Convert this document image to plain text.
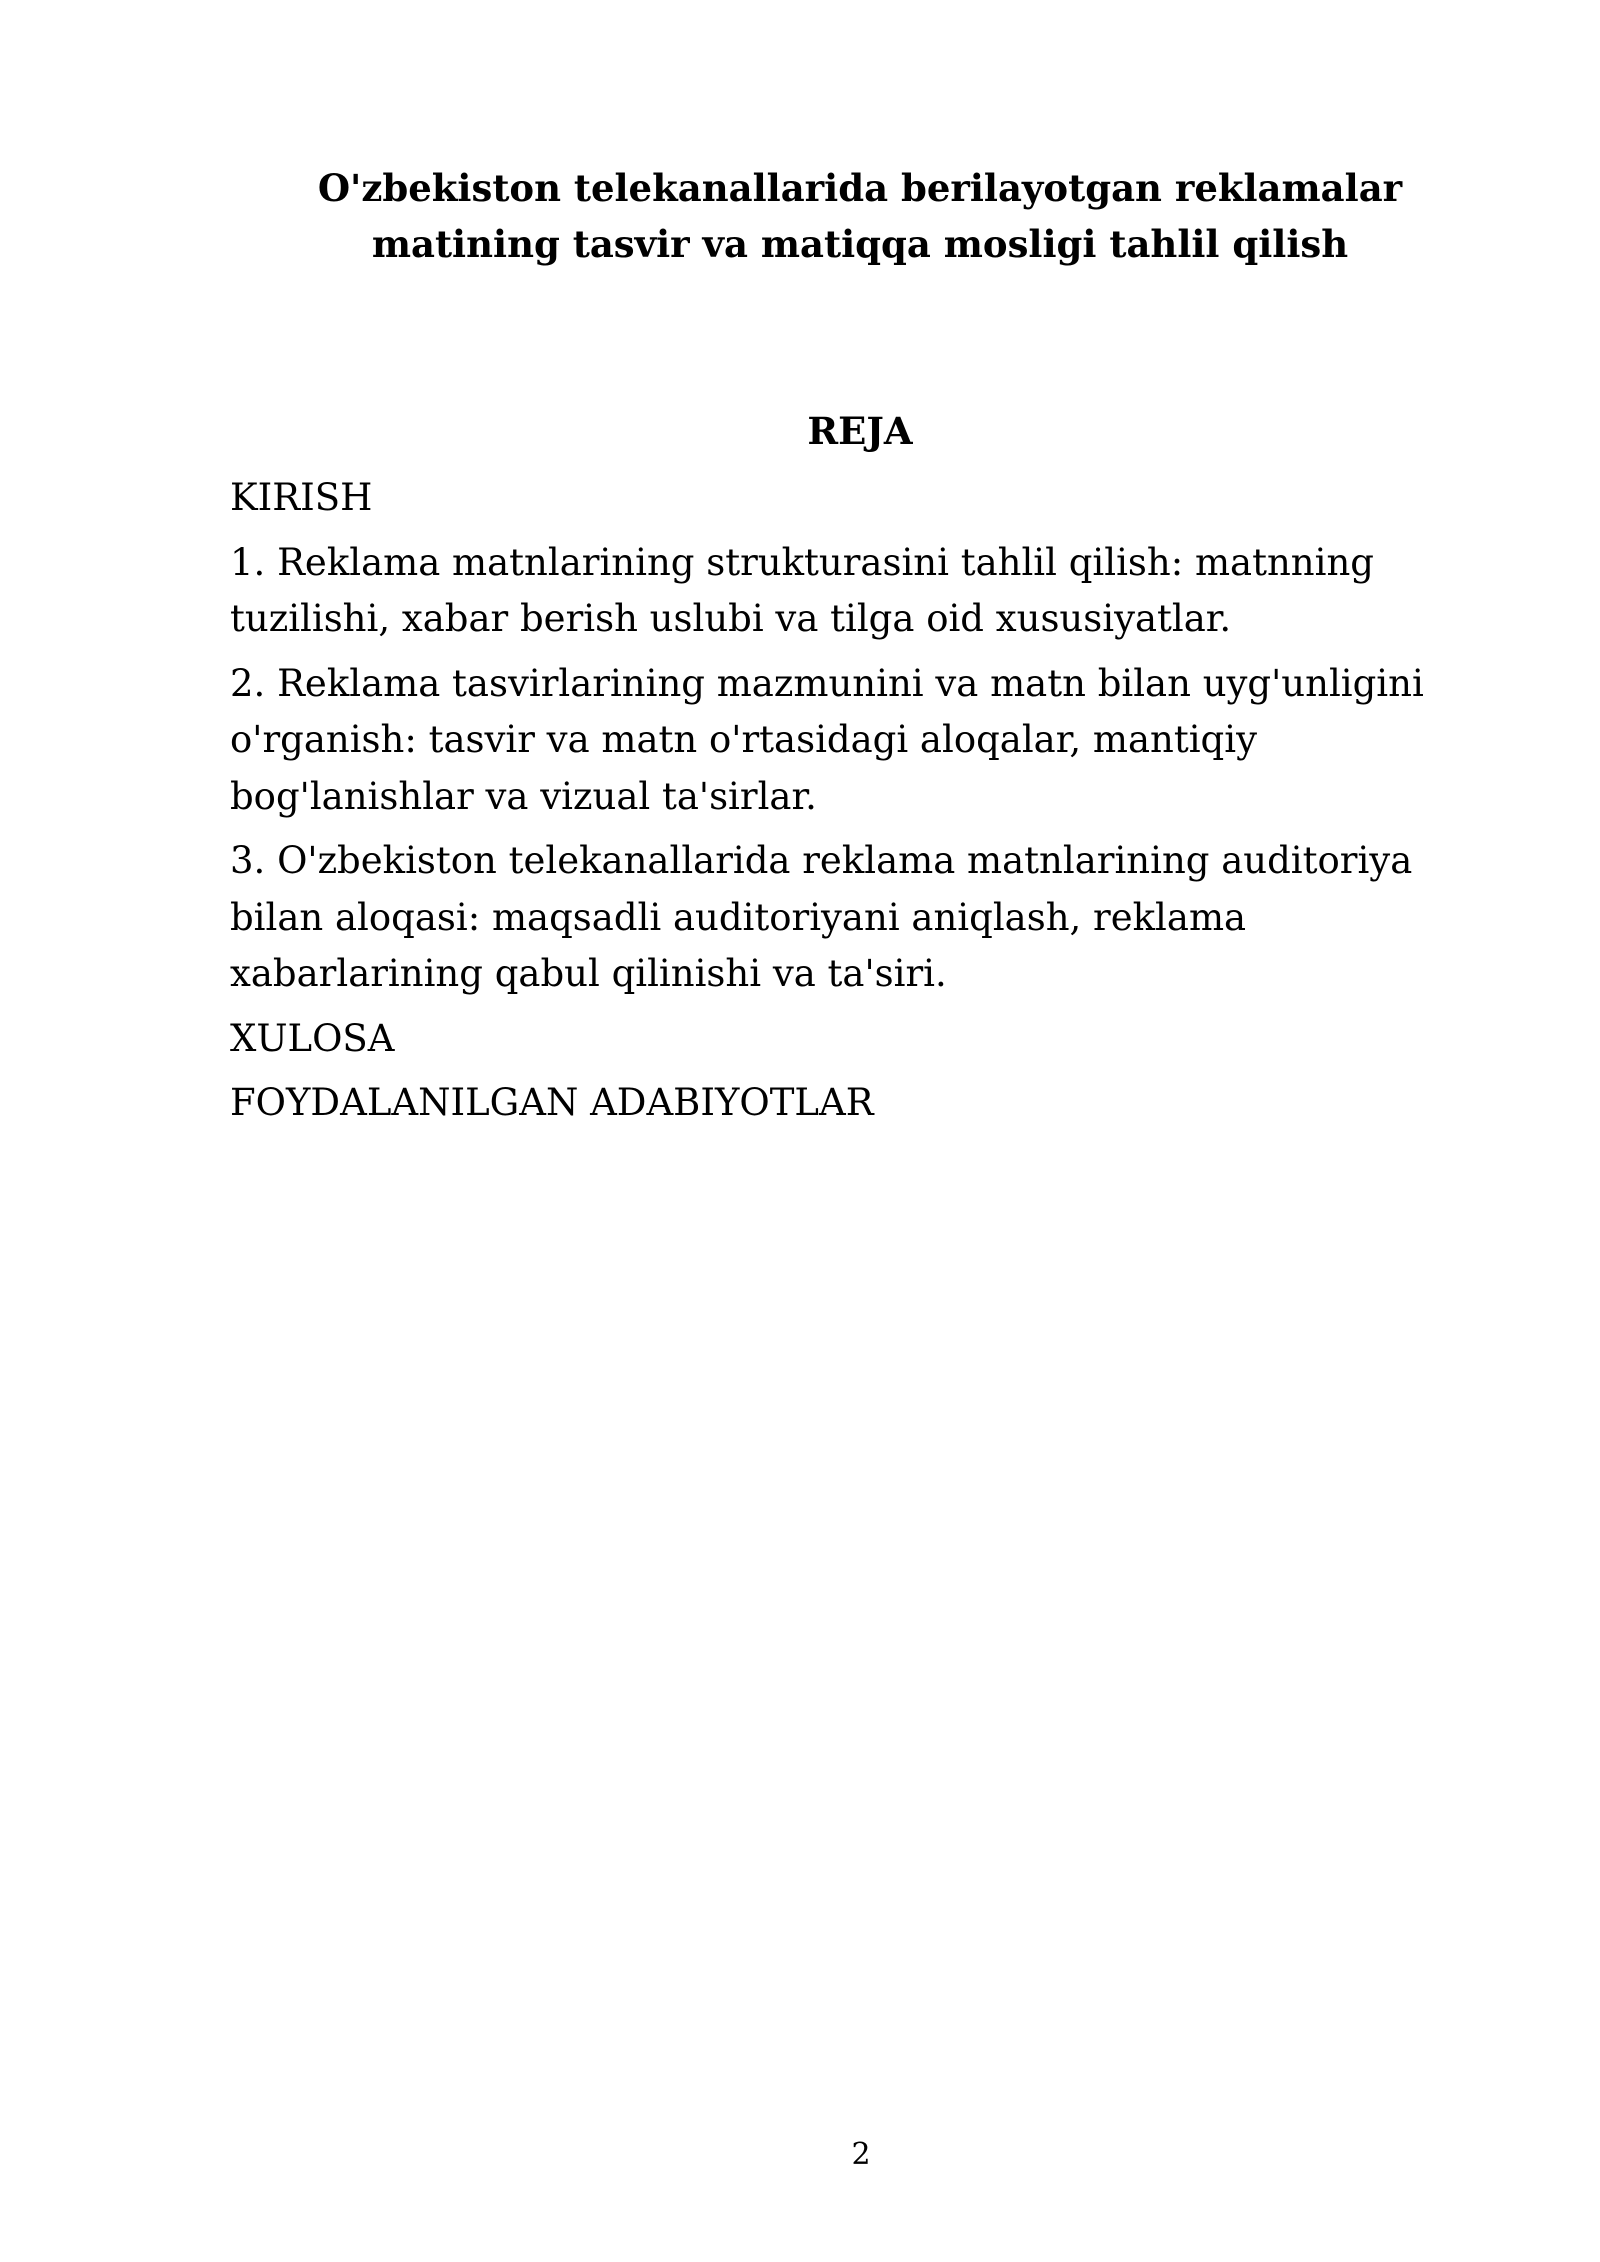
O'zbekiston telekanallarida berilayotgan reklamalar
matining tasvir va matiqqa mosligi tahlil qilish
REJA

KIRISH

1. Reklama matnlarining strukturasini tahlil qilish: matnning
tuzilishi, xabar berish uslubi va tilga oid xususiyatlar.

2. Reklama tasvirlarining mazmunini va matn bilan uyg'unligini
o'rganish: tasvir va matn o'rtasidagi aloqalar, mantiqiy
bog'lanishlar va vizual ta'sirlar.

3. O'zbekiston telekanallarida reklama matnlarining auditoriya
bilan aloqasi: maqsadli auditoriyani aniqlash, reklama
xabarlarining qabul qilinishi va ta'siri.

XULOSA

FOYDALANILGAN ADABIYOTLAR

2
